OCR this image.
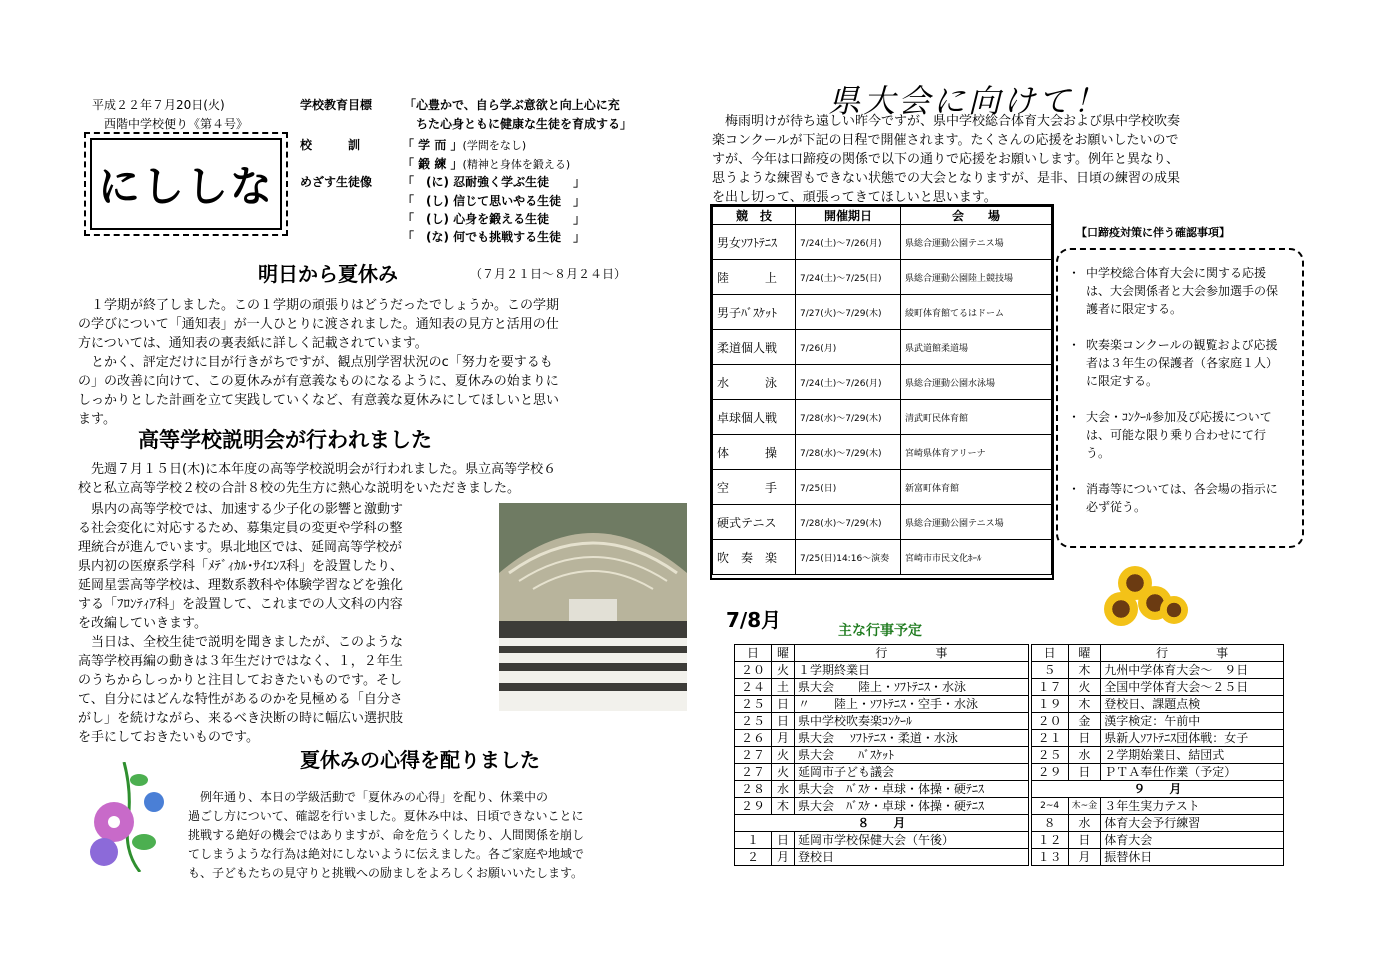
平成２２年７月20日(火)
西階中学校便り《第４号》
にししな
学校教育目標	「心豊かで、自ら学ぶ意欲と向上心に充
ちた心身ともに健康な生徒を育成する」
校　　　訓	「 学 而 」(学問をなし)
「 鍛 練 」(精神と身体を鍛える)
めざす生徒像 「　(に) 忍耐強く学ぶ生徒　　」
「　(し) 信じて思いやる生徒　」
「　(し) 心身を鍛える生徒　　」
「　(な) 何でも挑戦する生徒　」
明日から夏休み	（７月２１日～８月２４日）

１学期が終了しました。この１学期の頑張りはどうだったでしょうか。この学期

の学びについて「通知表」が一人ひとりに渡されました。通知表の見方と活用の仕

方については、通知表の裏表紙に詳しく記載されています。

とかく、評定だけに目が行きがちですが、観点別学習状況のc「努力を要するも

の」の改善に向けて、この夏休みが有意義なものになるように、夏休みの始まりに

しっかりとした計画を立て実践していくなど、有意義な夏休みにしてほしいと思い

ます。

高等学校説明会が行われました

先週７月１５日(木)に本年度の高等学校説明会が行われました。県立高等学校６

校と私立高等学校２校の合計８校の先生方に熱心な説明をいただきました。

県内の高等学校では、加速する少子化の影響と激動す

る社会変化に対応するため、募集定員の変更や学科の整

理統合が進んでいます。県北地区では、延岡高等学校が

県内初の医療系学科「ﾒﾃﾞｨｶﾙ･ｻｲｴﾝｽ科」を設置したり、

延岡星雲高等学校は、理数系教科や体験学習などを強化

する「ﾌﾛﾝﾃｨｱ科」を設置して、これまでの人文科の内容

を改編していきます。

当日は、全校生徒で説明を聞きましたが、このような

高等学校再編の動きは３年生だけではなく、１，２年生

のうちからしっかりと注目しておきたいものです。そし

て、自分にはどんな特性があるのかを見極める「自分さ

がし」を続けながら、来るべき決断の時に幅広い選択肢

を手にしておきたいものです。

夏休みの心得を配りました

例年通り、本日の学級活動で「夏休みの心得」を配り、休業中の

過ごし方について、確認を行いました。夏休み中は、日頃できないことに

挑戦する絶好の機会ではありますが、命を危うくしたり、人間関係を崩し

てしまうような行為は絶対にしないように伝えました。各ご家庭や地域で

も、子どもたちの見守りと挑戦への励ましをよろしくお願いいたします。

県大会に向けて！

梅雨明けが待ち遠しい昨今ですが、県中学校総合体育大会および県中学校吹奏

楽コンクールが下記の日程で開催されます。たくさんの応援をお願いしたいので

すが、今年は口蹄疫の関係で以下の通りで応援をお願いします。例年と異なり、

思うような練習もできない状態での大会となりますが、是非、日頃の練習の成果

を出し切って、頑張ってきてほしいと思います。

競　技	開催期日	会　　場
男女ｿﾌﾄﾃﾆｽ	7/24(土)～7/26(月)	県総合運動公園テニス場
陸　　　上	7/24(土)～7/25(日)	県総合運動公園陸上競技場
男子ﾊﾞｽｹｯﾄ	7/27(火)～7/29(木)	綾町体育館てるはドーム
柔道個人戦	7/26(月)	県武道館柔道場
水　　　泳	7/24(土)～7/26(月)	県総合運動公園水泳場
卓球個人戦	7/28(水)～7/29(木)	清武町民体育館
体　　　操	7/28(水)～7/29(木)	宮崎県体育アリーナ
空　　　手	7/25(日)	新富町体育館
硬式テニス	7/28(水)～7/29(木)	県総合運動公園テニス場
吹　奏　楽	7/25(日)14:16～演奏	宮崎市市民文化ﾎｰﾙ
【口蹄疫対策に伴う確認事項】
・ 中学校総合体育大会に関する応援は、大会関係者と大会参加選手の保護者に限定する。
・ 吹奏楽コンクールの観覧および応援者は３年生の保護者（各家庭１人）に限定する。
・ 大会・ｺﾝｸｰﾙ参加及び応援については、可能な限り乗り合わせにて行う。
・ 消毒等については、各会場の指示に必ず従う。
7/8月	主な行事予定
日	曜	行　　　　事		日	曜	行　　　　事
２０	火	１学期終業日		５	木	九州中学体育大会～　９日
２４	土	県大会　　陸上・ｿﾌﾄﾃﾆｽ・水泳		１７	火	全国中学体育大会～２５日
２５	日	〃　　陸上・ｿﾌﾄﾃﾆｽ・空手・水泳		１９	木	登校日、課題点検
２５	日	県中学校吹奏楽ｺﾝｸｰﾙ		２０	金	漢字検定：午前中
２６	月	県大会　 ｿﾌﾄﾃﾆｽ・柔道・水泳		２１	日	県新人ｿﾌﾄﾃﾆｽ団体戦：女子
２７	火	県大会　　ﾊﾞｽｹｯﾄ		２５	水	２学期始業日、結団式
２７	火	延岡市子ども議会		２９	日	ＰＴＡ奉仕作業（予定）
２８	水	県大会　ﾊﾞｽｹ・卓球・体操・硬ﾃﾆｽ		９　　月		
２９	木	県大会　ﾊﾞｽｹ・卓球・体操・硬ﾃﾆｽ		2~4	木~金	３年生実力テスト
８　　月				８	水	体育大会予行練習
１	日	延岡市学校保健大会（午後）		１２	日	体育大会
２	月	登校日		１３	月	振替休日
